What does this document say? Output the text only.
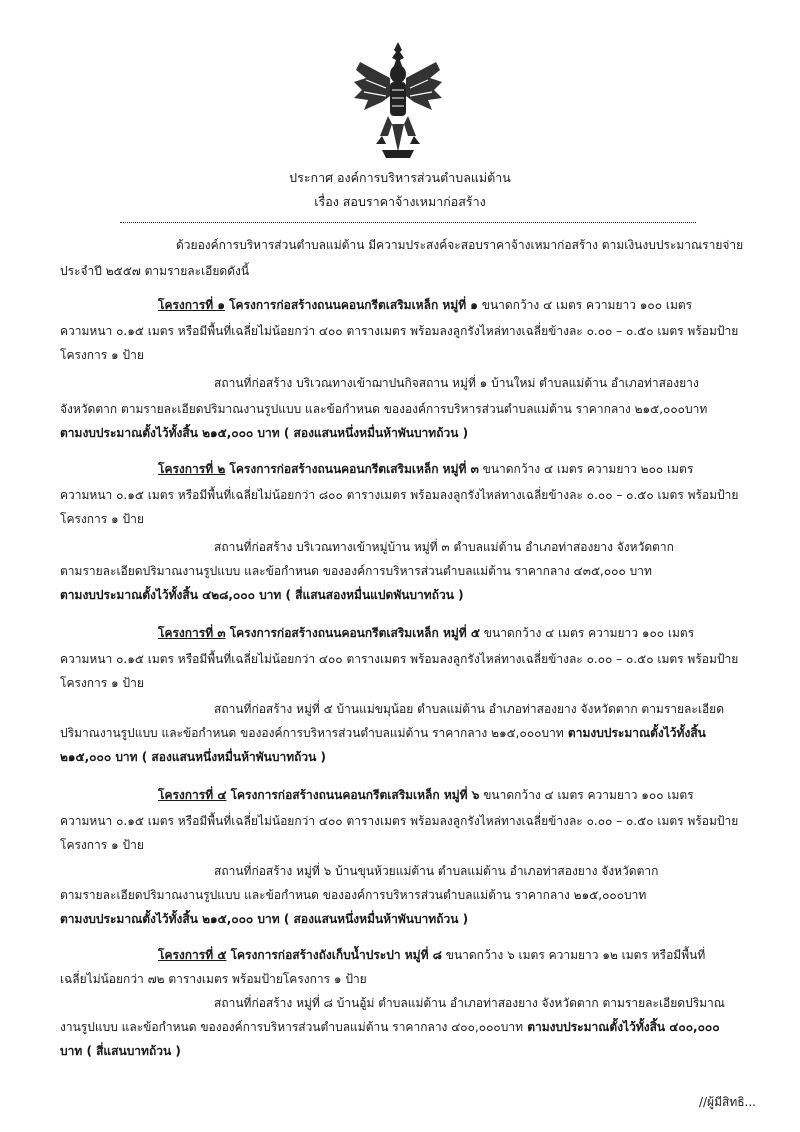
ประกาศ องค์การบริหารส่วนตำบลแม่ต้าน
เรื่อง สอบราคาจ้างเหมาก่อสร้าง
ด้วยองค์การบริหารส่วนตำบลแม่ต้าน มีความประสงค์จะสอบราคาจ้างเหมาก่อสร้าง ตามเงินงบประมาณรายจ่าย
ประจำปี ๒๕๕๗ ตามรายละเอียดดังนี้
โครงการที่ ๑ โครงการก่อสร้างถนนคอนกรีตเสริมเหล็ก หมู่ที่ ๑ ขนาดกว้าง ๔ เมตร ความยาว ๑๐๐ เมตร
ความหนา ๐.๑๕ เมตร หรือมีพื้นที่เฉลี่ยไม่น้อยกว่า ๔๐๐ ตารางเมตร พร้อมลงลูกรังไหล่ทางเฉลี่ยข้างละ ๐.๐๐ – ๐.๕๐ เมตร พร้อมป้าย
โครงการ ๑ ป้าย
สถานที่ก่อสร้าง บริเวณทางเข้าฌาปนกิจสถาน หมู่ที่ ๑ บ้านใหม่ ตำบลแม่ต้าน อำเภอท่าสองยาง
จังหวัดตาก ตามรายละเอียดปริมาณงานรูปแบบ และข้อกำหนด ขององค์การบริหารส่วนตำบลแม่ต้าน ราคากลาง ๒๑๕,๐๐๐บาท
ตามงบประมาณตั้งไว้ทั้งสิ้น ๒๑๕,๐๐๐ บาท ( สองแสนหนึ่งหมื่นห้าพันบาทถ้วน )
โครงการที่ ๒ โครงการก่อสร้างถนนคอนกรีตเสริมเหล็ก หมู่ที่ ๓ ขนาดกว้าง ๔ เมตร ความยาว ๒๐๐ เมตร
ความหนา ๐.๑๕ เมตร หรือมีพื้นที่เฉลี่ยไม่น้อยกว่า ๘๐๐ ตารางเมตร พร้อมลงลูกรังไหล่ทางเฉลี่ยข้างละ ๐.๐๐ – ๐.๕๐ เมตร พร้อมป้าย
โครงการ ๑ ป้าย
สถานที่ก่อสร้าง บริเวณทางเข้าหมู่บ้าน หมู่ที่ ๓ ตำบลแม่ต้าน อำเภอท่าสองยาง จังหวัดตาก
ตามรายละเอียดปริมาณงานรูปแบบ และข้อกำหนด ขององค์การบริหารส่วนตำบลแม่ต้าน ราคากลาง ๔๓๕,๐๐๐ บาท
ตามงบประมาณตั้งไว้ทั้งสิ้น ๔๒๘,๐๐๐ บาท ( สี่แสนสองหมื่นแปดพันบาทถ้วน )
โครงการที่ ๓ โครงการก่อสร้างถนนคอนกรีตเสริมเหล็ก หมู่ที่ ๕ ขนาดกว้าง ๔ เมตร ความยาว ๑๐๐ เมตร
ความหนา ๐.๑๕ เมตร หรือมีพื้นที่เฉลี่ยไม่น้อยกว่า ๔๐๐ ตารางเมตร พร้อมลงลูกรังไหล่ทางเฉลี่ยข้างละ ๐.๐๐ – ๐.๕๐ เมตร พร้อมป้าย
โครงการ ๑ ป้าย
สถานที่ก่อสร้าง หมู่ที่ ๕ บ้านแม่ขมุน้อย ตำบลแม่ต้าน อำเภอท่าสองยาง จังหวัดตาก ตามรายละเอียด
ปริมาณงานรูปแบบ และข้อกำหนด ขององค์การบริหารส่วนตำบลแม่ต้าน ราคากลาง ๒๑๕,๐๐๐บาท ตามงบประมาณตั้งไว้ทั้งสิ้น
๒๑๕,๐๐๐ บาท ( สองแสนหนึ่งหมื่นห้าพันบาทถ้วน )
โครงการที่ ๔ โครงการก่อสร้างถนนคอนกรีตเสริมเหล็ก หมู่ที่ ๖ ขนาดกว้าง ๔ เมตร ความยาว ๑๐๐ เมตร
ความหนา ๐.๑๕ เมตร หรือมีพื้นที่เฉลี่ยไม่น้อยกว่า ๔๐๐ ตารางเมตร พร้อมลงลูกรังไหล่ทางเฉลี่ยข้างละ ๐.๐๐ – ๐.๕๐ เมตร พร้อมป้าย
โครงการ ๑ ป้าย
สถานที่ก่อสร้าง หมู่ที่ ๖ บ้านขุนห้วยแม่ต้าน ตำบลแม่ต้าน อำเภอท่าสองยาง จังหวัดตาก
ตามรายละเอียดปริมาณงานรูปแบบ และข้อกำหนด ขององค์การบริหารส่วนตำบลแม่ต้าน ราคากลาง ๒๑๕,๐๐๐บาท
ตามงบประมาณตั้งไว้ทั้งสิ้น ๒๑๕,๐๐๐ บาท ( สองแสนหนึ่งหมื่นห้าพันบาทถ้วน )
โครงการที่ ๕ โครงการก่อสร้างถังเก็บน้ำประปา หมู่ที่ ๘ ขนาดกว้าง ๖ เมตร ความยาว ๑๒ เมตร หรือมีพื้นที่
เฉลี่ยไม่น้อยกว่า ๗๒ ตารางเมตร พร้อมป้ายโครงการ ๑ ป้าย
สถานที่ก่อสร้าง หมู่ที่ ๘ บ้านอู้ม่ ตำบลแม่ต้าน อำเภอท่าสองยาง จังหวัดตาก ตามรายละเอียดปริมาณ
งานรูปแบบ และข้อกำหนด ขององค์การบริหารส่วนตำบลแม่ต้าน ราคากลาง ๔๐๐,๐๐๐บาท ตามงบประมาณตั้งไว้ทั้งสิ้น ๔๐๐,๐๐๐
บาท ( สี่แสนบาทถ้วน )
//ผู้มีสิทธิ...
